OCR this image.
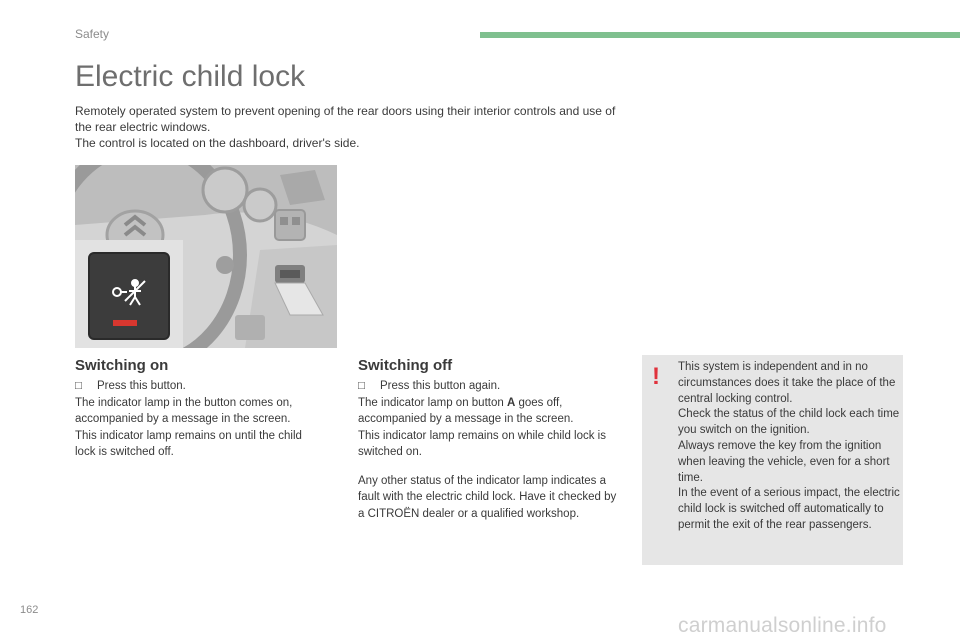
Safety
Electric child lock

Remotely operated system to prevent opening of the rear doors using their interior controls and use of the rear electric windows.

The control is located on the dashboard, driver's side.

Switching on

□ Press this button.

The indicator lamp in the button comes on, accompanied by a message in the screen.

This indicator lamp remains on until the child lock is switched off.

Switching off

□ Press this button again.

The indicator lamp on button A goes off, accompanied by a message in the screen.

This indicator lamp remains on while child lock is switched on.

Any other status of the indicator lamp indicates a fault with the electric child lock. Have it checked by a CITROËN dealer or a qualified workshop.

! This system is independent and in no circumstances does it take the place of the central locking control.
Check the status of the child lock each time you switch on the ignition.
Always remove the key from the ignition when leaving the vehicle, even for a short time.
In the event of a serious impact, the electric child lock is switched off automatically to permit the exit of the rear passengers.
162
carmanualsonline.info
